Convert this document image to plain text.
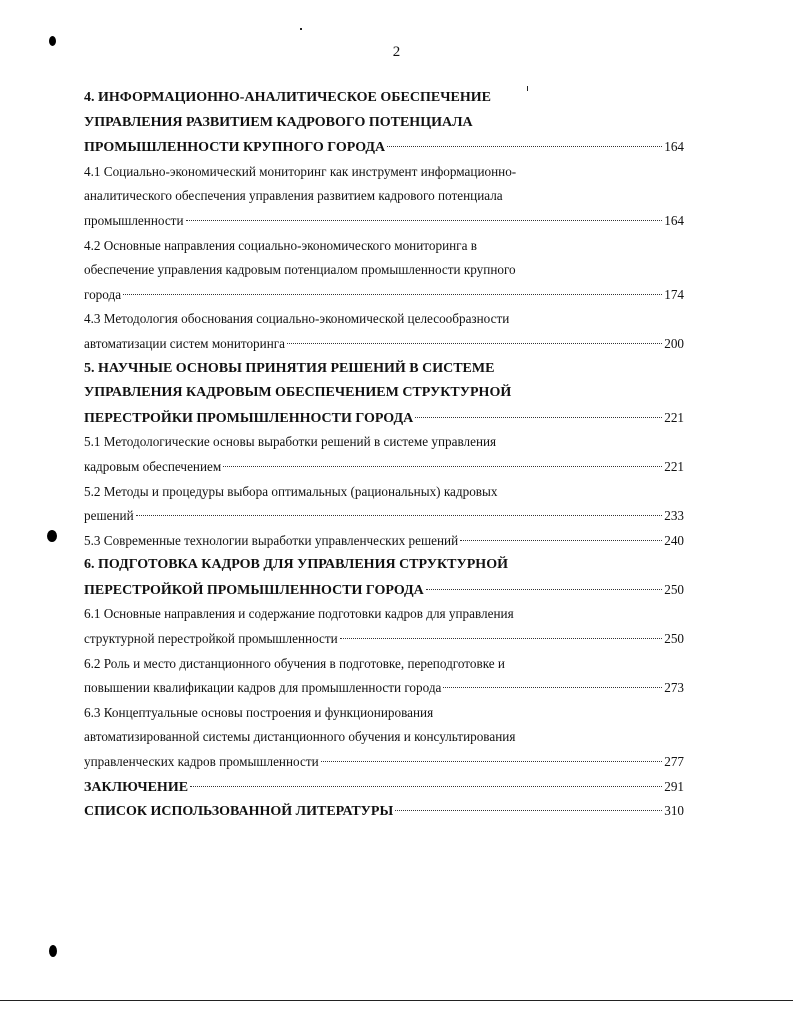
2
4. ИНФОРМАЦИОННО-АНАЛИТИЧЕСКОЕ ОБЕСПЕЧЕНИЕ
УПРАВЛЕНИЯ РАЗВИТИЕМ КАДРОВОГО ПОТЕНЦИАЛА
ПРОМЫШЛЕННОСТИ КРУПНОГО ГОРОДА	164
4.1 Социально-экономический мониторинг как инструмент информационно-
аналитического обеспечения управления развитием кадрового потенциала
промышленности	164
4.2 Основные направления социально-экономического мониторинга в
обеспечение управления кадровым потенциалом промышленности крупного
города	174
4.3 Методология обоснования социально-экономической целесообразности
автоматизации систем мониторинга	200
5. НАУЧНЫЕ ОСНОВЫ ПРИНЯТИЯ РЕШЕНИЙ В СИСТЕМЕ
УПРАВЛЕНИЯ КАДРОВЫМ ОБЕСПЕЧЕНИЕМ СТРУКТУРНОЙ
ПЕРЕСТРОЙКИ ПРОМЫШЛЕННОСТИ ГОРОДА	221
5.1 Методологические основы выработки решений в системе управления
кадровым обеспечением	221
5.2 Методы и процедуры выбора оптимальных (рациональных) кадровых
решений	233
5.3 Современные технологии выработки управленческих решений	240
6. ПОДГОТОВКА КАДРОВ ДЛЯ УПРАВЛЕНИЯ СТРУКТУРНОЙ
ПЕРЕСТРОЙКОЙ ПРОМЫШЛЕННОСТИ ГОРОДА	250
6.1 Основные направления и содержание подготовки кадров для управления
структурной перестройкой промышленности	250
6.2 Роль и место дистанционного обучения в подготовке, переподготовке и
повышении квалификации кадров для промышленности города	273
6.3 Концептуальные основы построения и функционирования
автоматизированной системы дистанционного обучения и консультирования
управленческих кадров промышленности	277
ЗАКЛЮЧЕНИЕ	291
СПИСОК ИСПОЛЬЗОВАННОЙ ЛИТЕРАТУРЫ	310
